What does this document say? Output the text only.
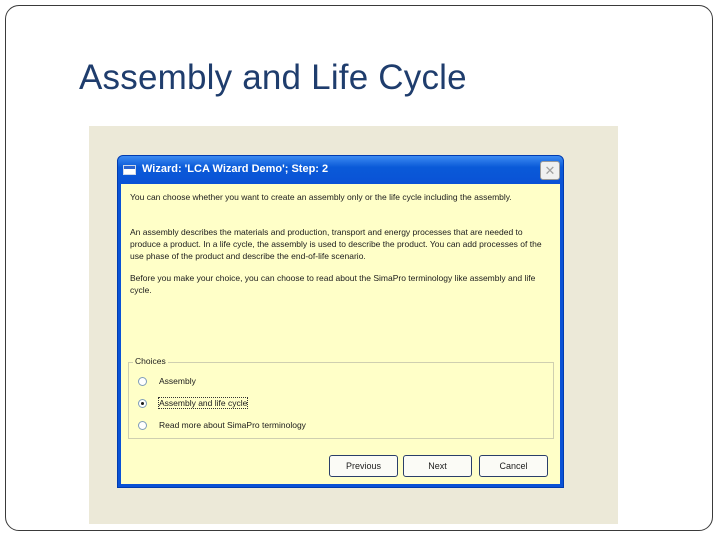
Assembly and Life Cycle
Wizard: 'LCA Wizard Demo'; Step: 2	✕
You can choose whether you want to create an assembly only or the life cycle including the assembly.
An assembly describes the materials and production, transport and energy processes that are needed to produce a product. In a life cycle, the assembly is used to describe the product. You can add processes of the use phase of the product and describe the end-of-life scenario.
Before you make your choice, you can choose to read about the SimaPro terminology like assembly and life cycle.
Choices
Assembly
Assembly and life cycle
Read more about SimaPro terminology
Previous	Next	Cancel
